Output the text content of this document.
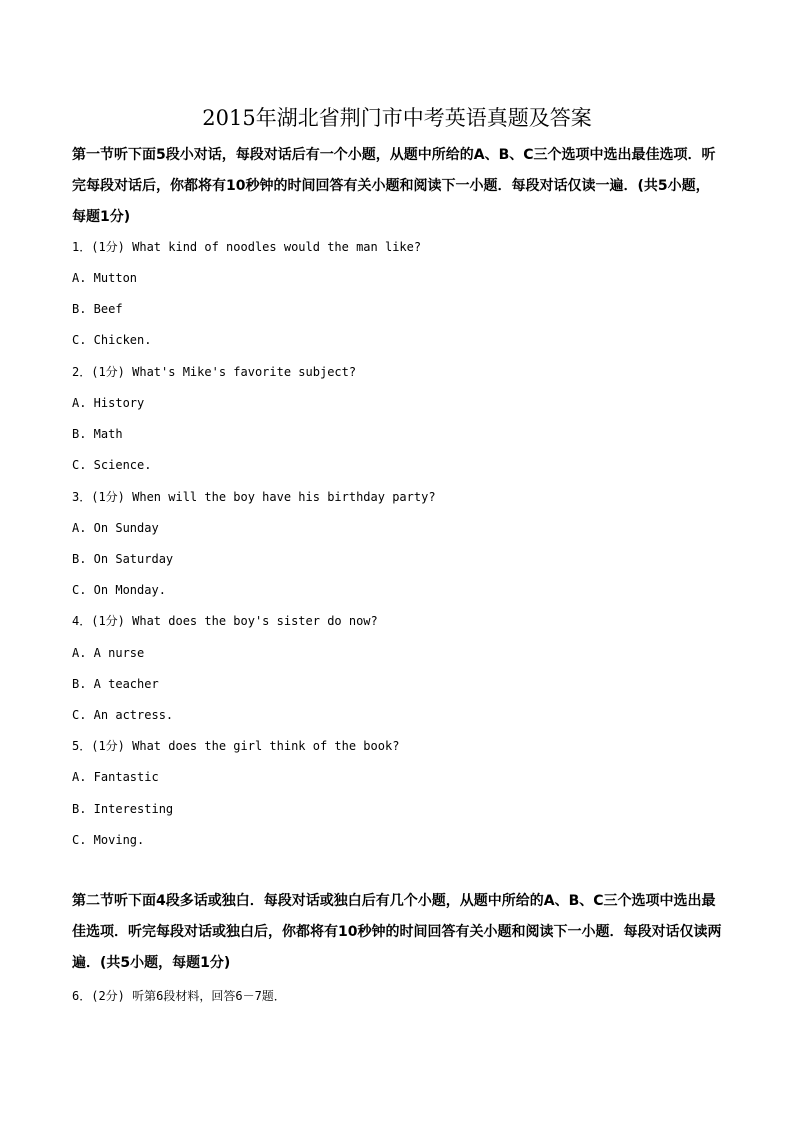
2015年湖北省荆门市中考英语真题及答案

第一节听下面5段小对话，每段对话后有一个小题，从题中所给的A、B、C三个选项中选出最佳选项．听完每段对话后，你都将有10秒钟的时间回答有关小题和阅读下一小题．每段对话仅读一遍．(共5小题，每题1分)

1．(1分) What kind of noodles would the man like?
A. Mutton
B. Beef
C. Chicken.
2．(1分) What's Mike's favorite subject?
A. History
B. Math
C. Science.
3．(1分) When will the boy have his birthday party?
A. On Sunday
B. On Saturday
C. On Monday.
4．(1分) What does the boy's sister do now?
A. A nurse
B. A teacher
C. An actress.
5．(1分) What does the girl think of the book?
A. Fantastic
B. Interesting
C. Moving.

第二节听下面4段多话或独白．每段对话或独白后有几个小题，从题中所给的A、B、C三个选项中选出最佳选项．听完每段对话或独白后，你都将有10秒钟的时间回答有关小题和阅读下一小题．每段对话仅读两遍．(共5小题，每题1分)

6．(2分) 听第6段材料，回答6－7题．
